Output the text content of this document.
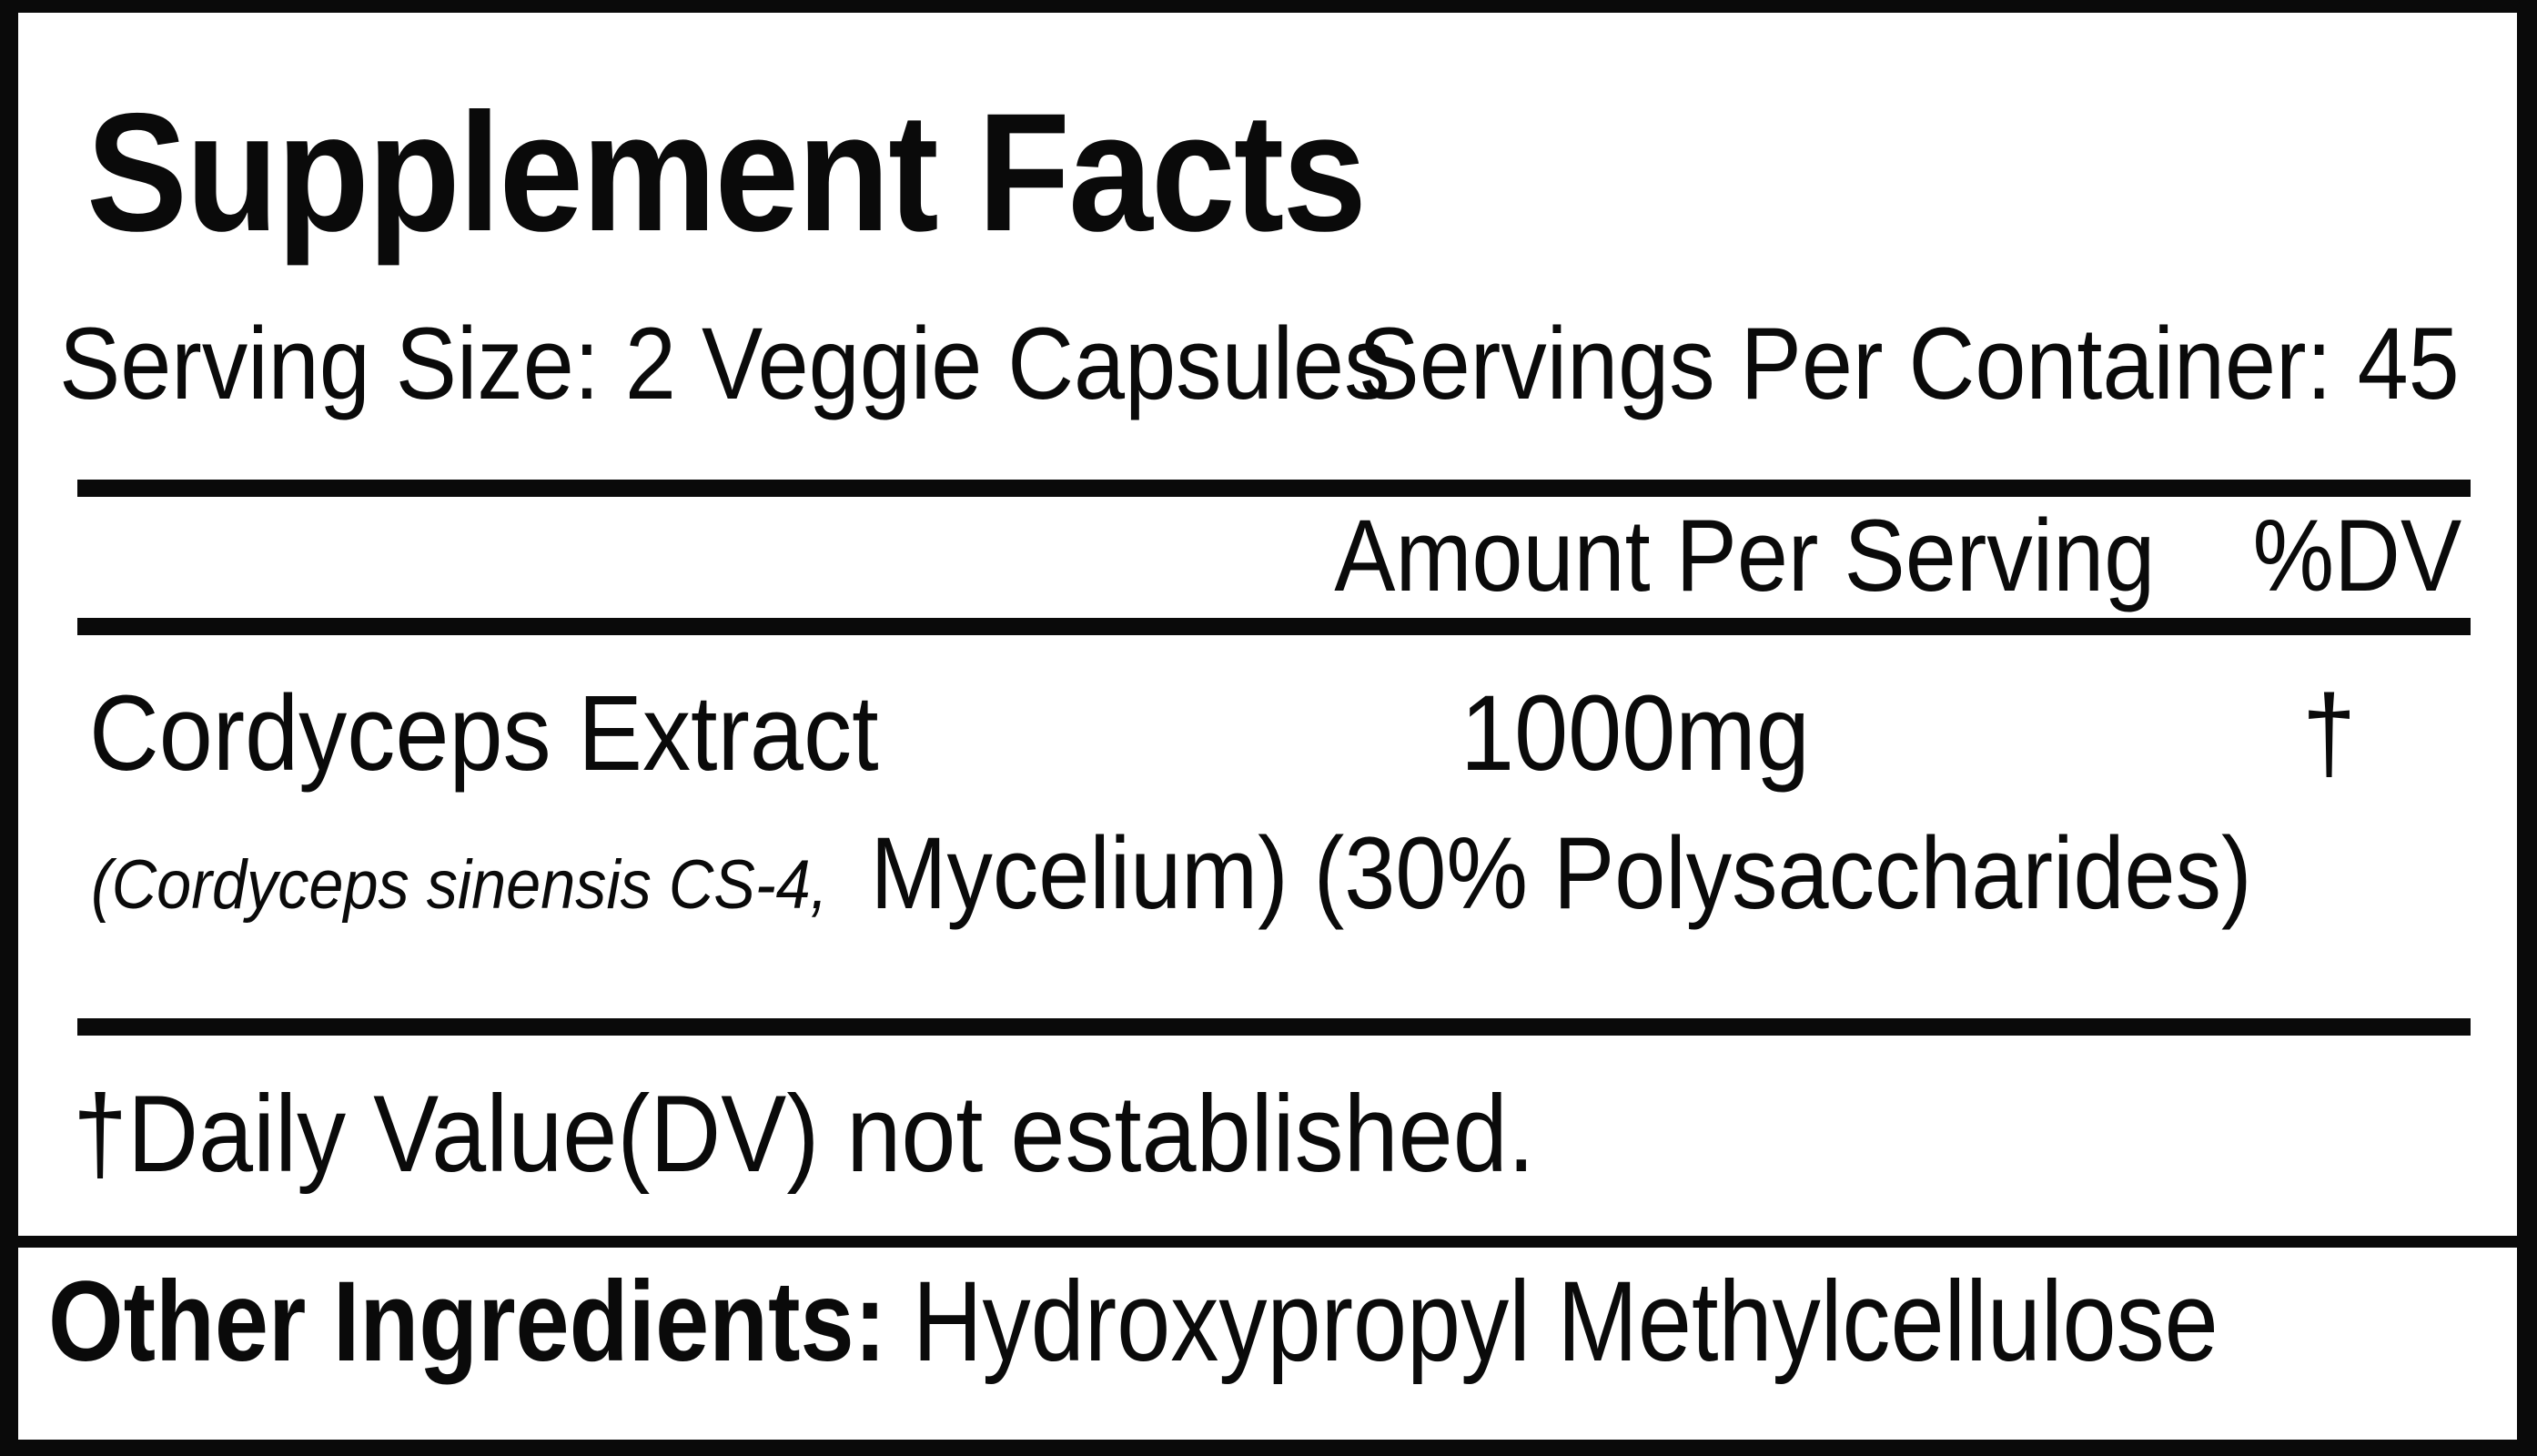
Supplement Facts
Serving Size: 2 Veggie Capsules
Servings Per Container: 45
Amount Per Serving %DV
Cordyceps Extract	1000mg	†
(Cordyceps sinensis CS-4, Mycelium) (30% Polysaccharides)
†Daily Value(DV) not established.
Other Ingredients: Hydroxypropyl Methylcellulose
